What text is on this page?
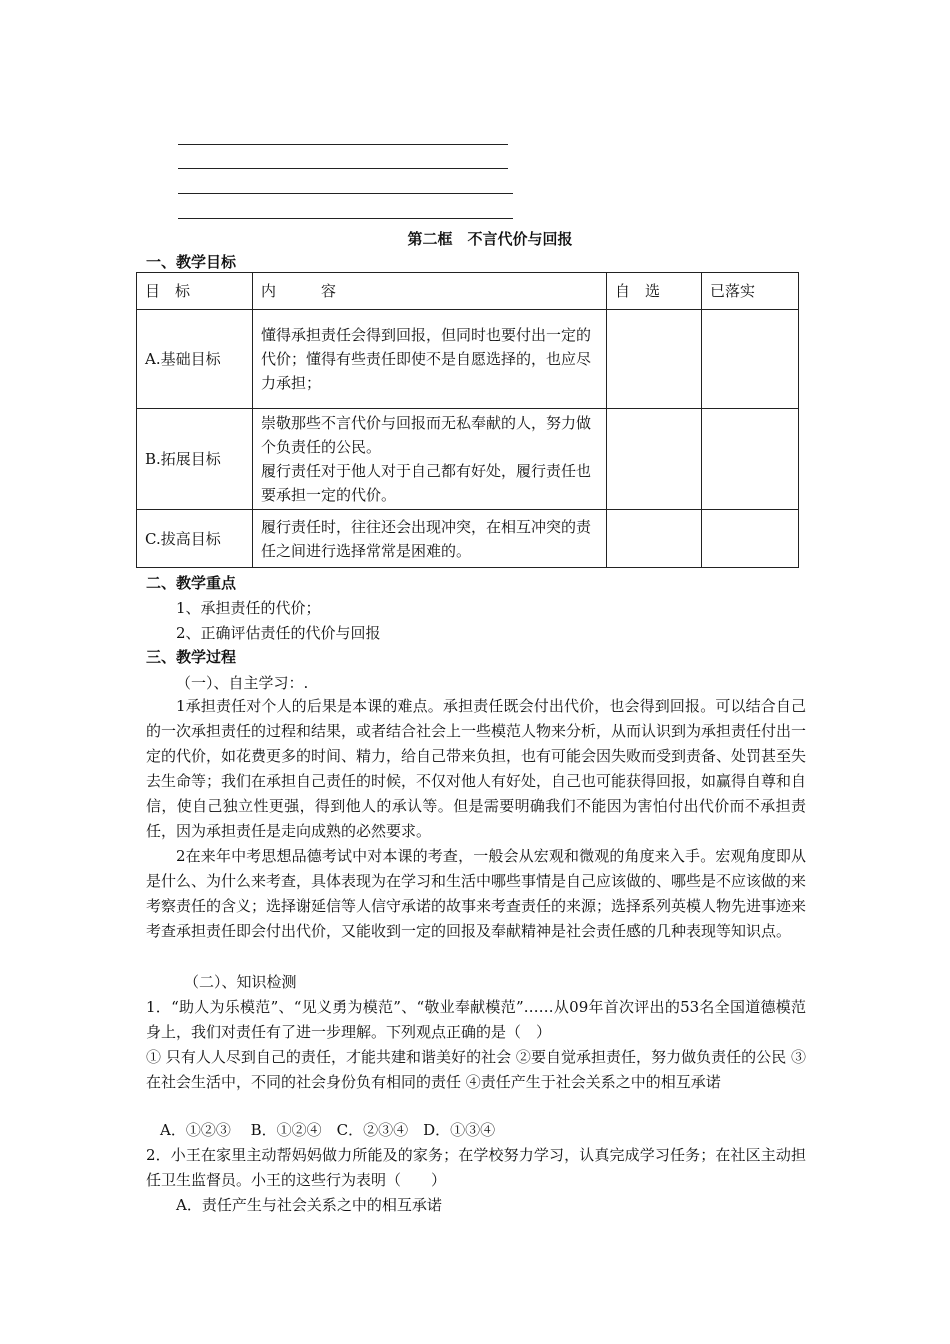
第二框　不言代价与回报
一、教学目标
目　标	内　　　容	自　选	已落实
A.基础目标	懂得承担责任会得到回报，但同时也要付出一定的代价；懂得有些责任即使不是自愿选择的，也应尽力承担；		
B.拓展目标	崇敬那些不言代价与回报而无私奉献的人，努力做个负责任的公民。
履行责任对于他人对于自己都有好处，履行责任也要承担一定的代价。		

C.拔高目标	履行责任时，往往还会出现冲突，在相互冲突的责任之间进行选择常常是困难的。		
二、教学重点
1、承担责任的代价；
2、正确评估责任的代价与回报
三、教学过程
（一）、自主学习：.
1承担责任对个人的后果是本课的难点。承担责任既会付出代价，也会得到回报。可以结合自己的一次承担责任的过程和结果，或者结合社会上一些模范人物来分析，从而认识到为承担责任付出一定的代价，如花费更多的时间、精力，给自己带来负担，也有可能会因失败而受到责备、处罚甚至失去生命等；我们在承担自己责任的时候，不仅对他人有好处，自己也可能获得回报，如赢得自尊和自信，使自己独立性更强，得到他人的承认等。但是需要明确我们不能因为害怕付出代价而不承担责任，因为承担责任是走向成熟的必然要求。
2在来年中考思想品德考试中对本课的考查，一般会从宏观和微观的角度来入手。宏观角度即从是什么、为什么来考查，具体表现为在学习和生活中哪些事情是自己应该做的、哪些是不应该做的来考察责任的含义；选择谢延信等人信守承诺的故事来考查责任的来源；选择系列英模人物先进事迹来考查承担责任即会付出代价，又能收到一定的回报及奉献精神是社会责任感的几种表现等知识点。
（二）、知识检测
1．“助人为乐模范”、“见义勇为模范”、“敬业奉献模范”……从09年首次评出的53名全国道德模范身上，我们对责任有了进一步理解。下列观点正确的是（　）
① 只有人人尽到自己的责任，才能共建和谐美好的社会 ②要自觉承担责任，努力做负责任的公民 ③在社会生活中，不同的社会身份负有相同的责任 ④责任产生于社会关系之中的相互承诺
A．①②③　 B．①②④　C．②③④　D．①③④
2．小王在家里主动帮妈妈做力所能及的家务；在学校努力学习，认真完成学习任务；在社区主动担任卫生监督员。小王的这些行为表明（　　）
A．责任产生与社会关系之中的相互承诺
